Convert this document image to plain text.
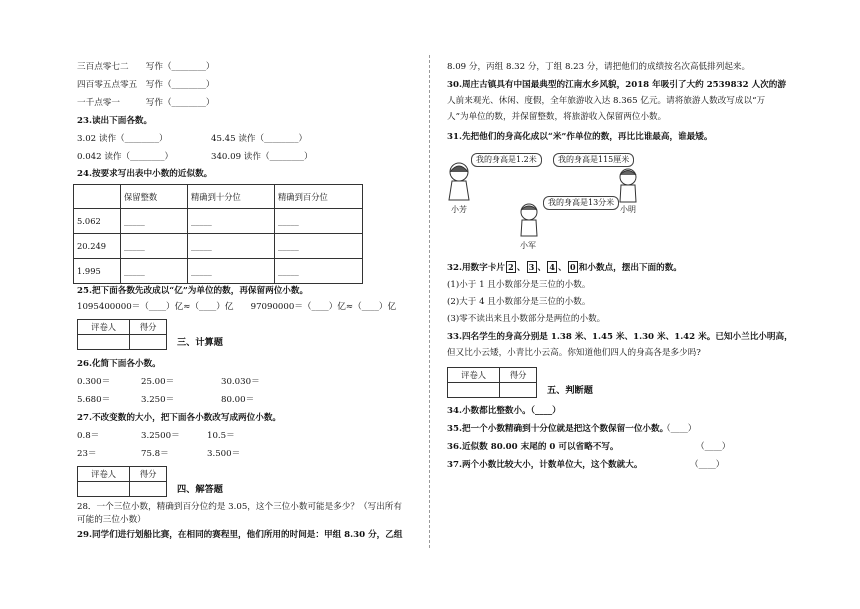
三百点零七二　　写作（________）
四百零五点零五　写作（________）
一千点零一　　　写作（________）
23.读出下面各数。
3.02 读作（________）	45.45 读作（________）
0.042 读作（________）	340.09 读作（________）
24.按要求写出表中小数的近似数。
	保留整数	精确到十分位	精确到百分位
5.062	_____	_____	_____
20.249	_____	_____	_____
1.995	_____	_____	_____
25.把下面各数先改成以“亿”为单位的数，再保留两位小数。
1095400000＝（____）亿≈（____）亿　　97090000＝（____）亿≈（____）亿
评卷人	得分

三、计算题
26.化简下面各小数。
0.300＝	25.00＝	30.030＝
5.680＝	3.250＝	80.00＝
27.不改变数的大小，把下面各小数改写成两位小数。
0.8＝	3.2500＝	10.5＝
23＝	75.8＝	3.500＝
评卷人	得分

四、解答题
28．一个三位小数，精确到百分位约是 3.05，这个三位小数可能是多少？（写出所有
可能的三位小数）
29.同学们进行划船比赛，在相同的赛程里，他们所用的时间是：甲组 8.30 分，乙组
8.09 分，丙组 8.32 分，丁组 8.23 分，请把他们的成绩按名次高低排列起来。
30.周庄古镇具有中国最典型的江南水乡风貌，2018 年吸引了大约 2539832 人次的游
人前来观光、休闲、度假，全年旅游收入达 8.365 亿元。请将旅游人数改写成以“万
人”为单位的数，并保留整数，将旅游收入保留两位小数。
31.先把他们的身高化成以“米”作单位的数，再比比谁最高，谁最矮。
我的身高是1.2米	我的身高是115厘米
我的身高是13分米
小芳	小明
小军
32.用数字卡片 2 、 3 、 4 、 0 和小数点，摆出下面的数。
(1)小于 1 且小数部分是三位的小数。
(2)大于 4 且小数部分是三位的小数。
(3)零不读出来且小数部分是两位的小数。
33.四名学生的身高分别是 1.38 米、1.45 米、1.30 米、1.42 米。已知小兰比小明高，
但又比小云矮，小青比小云高。你知道他们四人的身高各是多少吗?
评卷人	得分

五、判断题
34.小数都比整数小。（____）
35.把一个小数精确到十分位就是把这个数保留一位小数。
（____）
36.近似数 80.00 末尾的 0 可以省略不写。	（____）
37.两个小数比较大小，计数单位大，这个数就大。	（____）
